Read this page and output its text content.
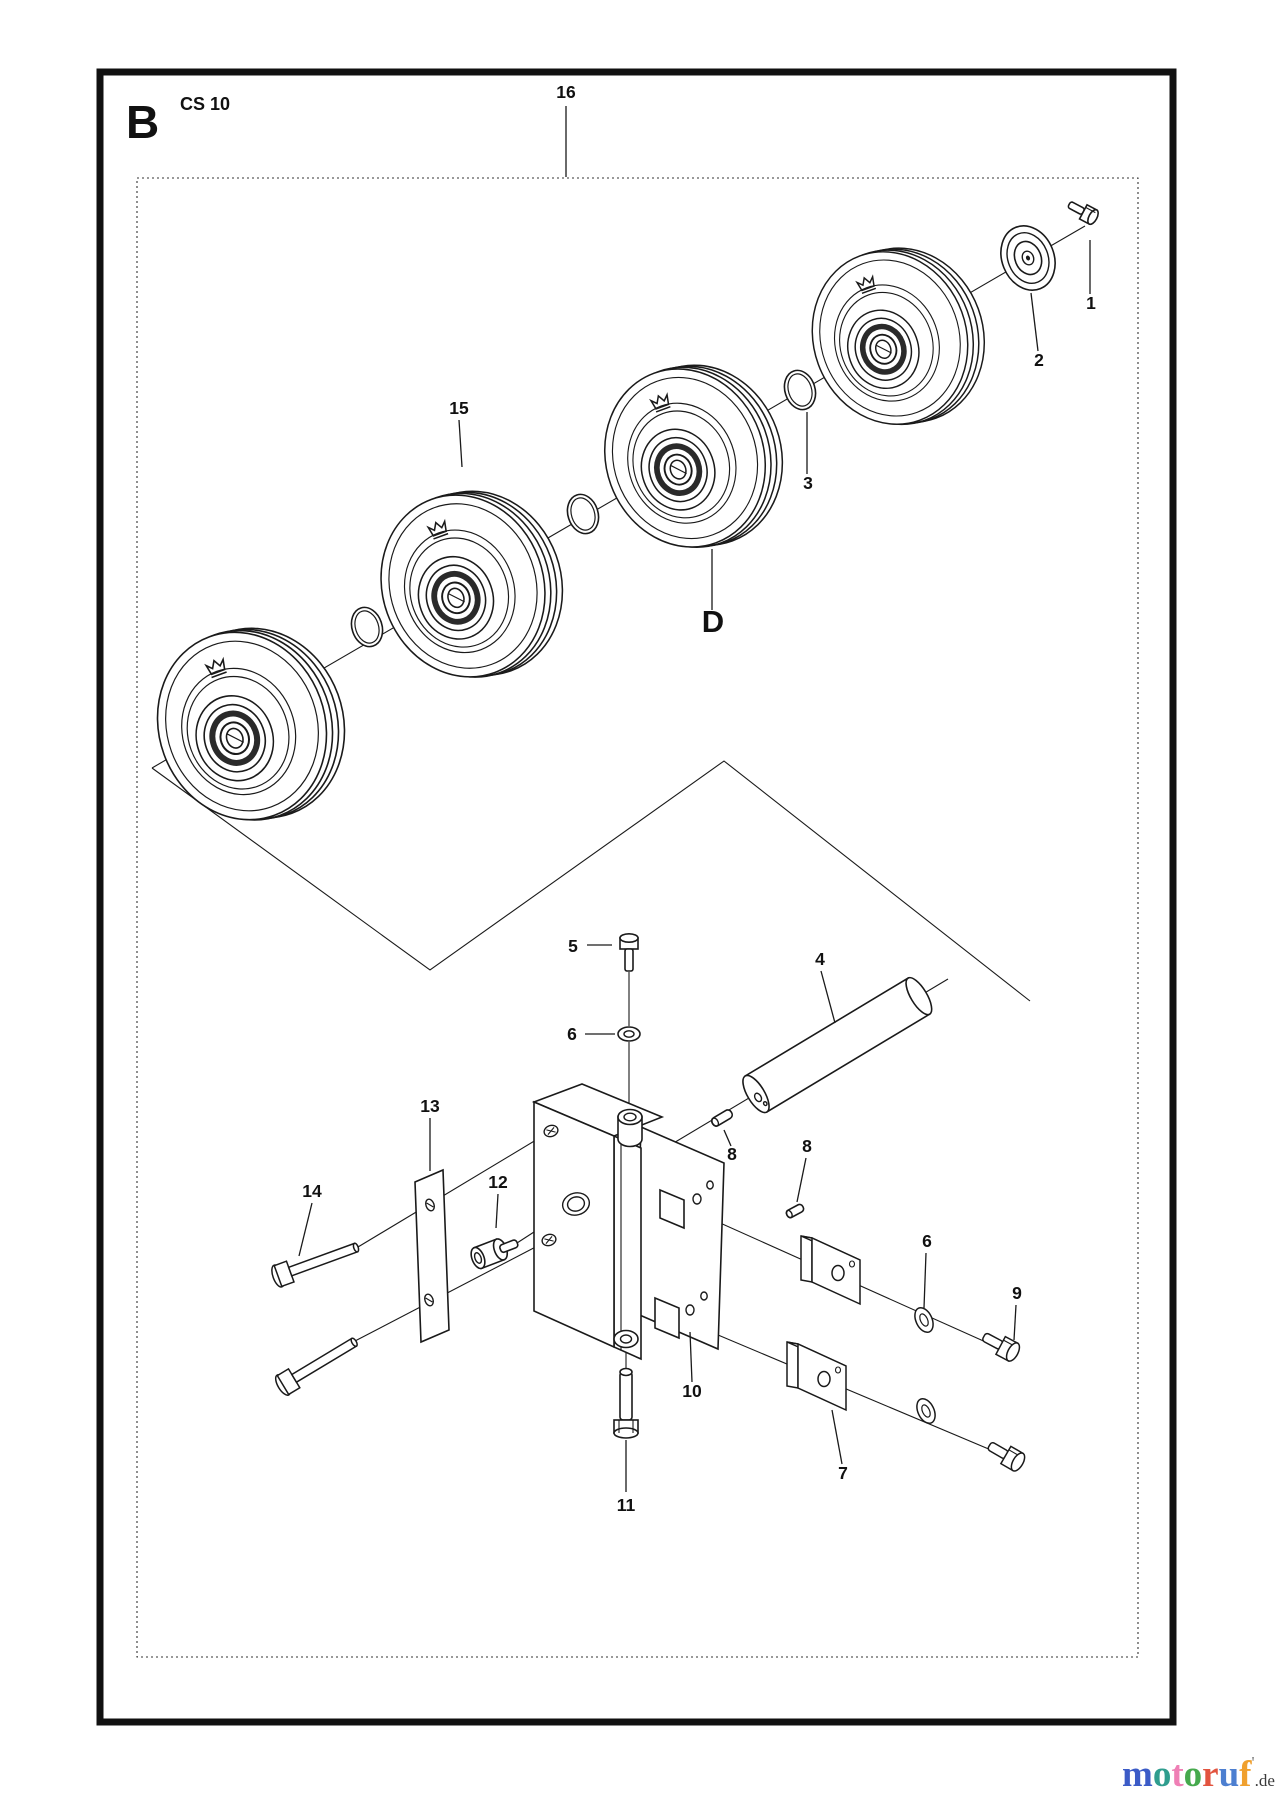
B CS 10
16
1
2
3
15
D
4
5
6
13
14	12
8	8
6
9
10
7
11
motoruf'$_{.de}$
